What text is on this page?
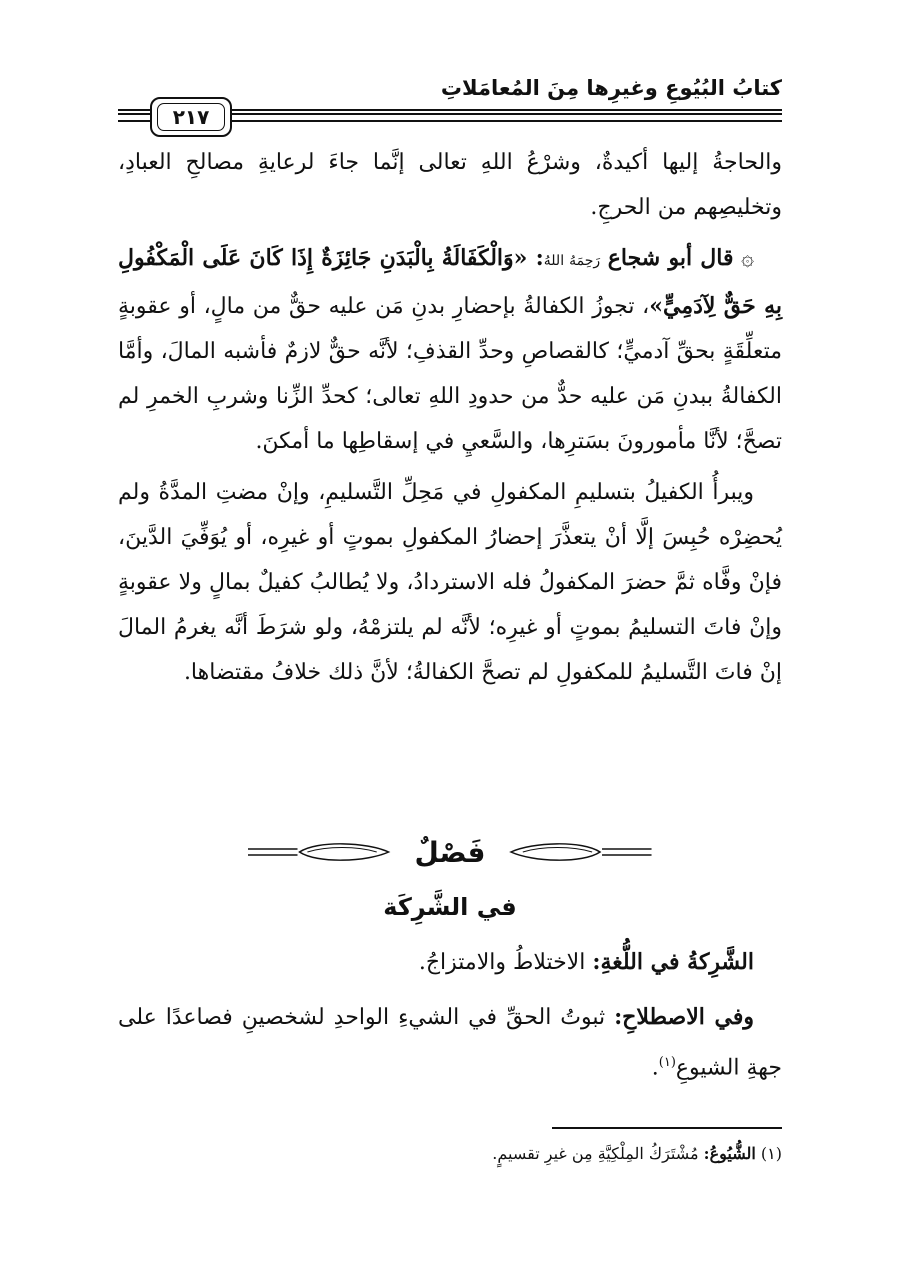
كتابُ البُيُوعِ وغيرِها مِنَ المُعامَلاتِ
٢١٧

والحاجةُ إليها أكيدةٌ، وشرْعُ اللهِ تعالى إنَّما جاءَ لرعايةِ مصالحِ العبادِ، وتخليصِهم من الحرجِ.

۞ قال أبو شجاع رَحِمَهُ اللهُ: «وَالْكَفَالَةُ بِالْبَدَنِ جَائِزَةٌ إِذَا كَانَ عَلَى الْمَكْفُولِ بِهِ حَقٌّ لِآدَمِيٍّ»، تجوزُ الكفالةُ بإحضارِ بدنِ مَن عليه حقٌّ من مالٍ، أو عقوبةٍ متعلِّقَةٍ بحقِّ آدميٍّ؛ كالقصاصِ وحدِّ القذفِ؛ لأنَّه حقٌّ لازمٌ فأشبه المالَ، وأمَّا الكفالةُ ببدنِ مَن عليه حدٌّ من حدودِ اللهِ تعالى؛ كحدِّ الزِّنا وشربِ الخمرِ لم تصحَّ؛ لأنَّا مأمورونَ بسَترِها، والسَّعيِ في إسقاطِها ما أمكنَ.

ويبرأُ الكفيلُ بتسليمِ المكفولِ في مَحِلِّ التَّسليمِ، وإنْ مضتِ المدَّةُ ولم يُحضِرْه حُبِسَ إلَّا أنْ يتعذَّرَ إحضارُ المكفولِ بموتٍ أو غيرِه، أو يُوَفِّيَ الدَّينَ، فإنْ وفَّاه ثمَّ حضرَ المكفولُ فله الاستردادُ، ولا يُطالبُ كفيلٌ بمالٍ ولا عقوبةٍ وإنْ فاتَ التسليمُ بموتٍ أو غيرِه؛ لأنَّه لم يلتزمْهُ، ولو شرَطَ أنَّه يغرمُ المالَ إنْ فاتَ التَّسليمُ للمكفولِ لم تصحَّ الكفالةُ؛ لأنَّ ذلك خلافُ مقتضاها.

فَصْلٌ
في الشَّرِكَة

الشَّرِكةُ في اللُّغةِ: الاختلاطُ والامتزاجُ.

وفي الاصطلاحِ: ثبوتُ الحقِّ في الشيءِ الواحدِ لشخصينِ فصاعدًا على جهةِ الشيوعِ$^{(١)}$.

(١) الشُّيُوعُ: مُشْتَرَكُ المِلْكِيَّةِ مِن غيرِ تقسيمٍ.
